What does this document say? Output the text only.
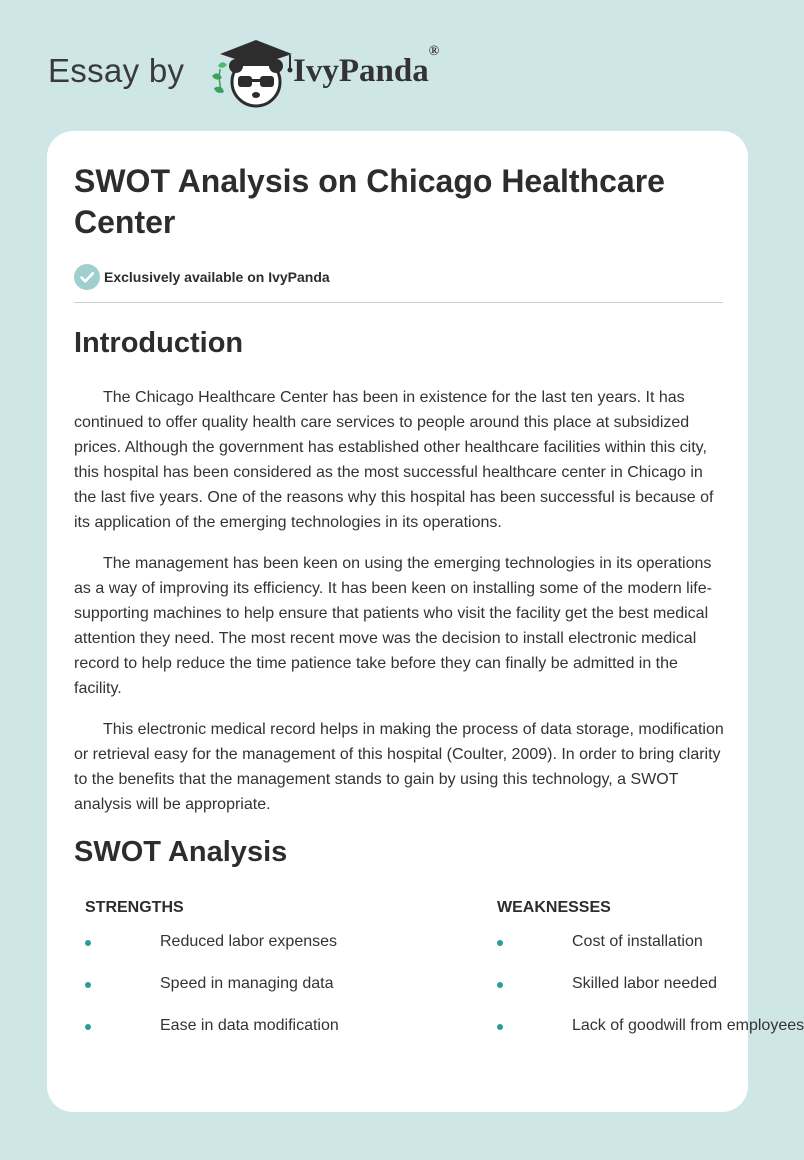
Essay by	IvyPanda®
SWOT Analysis on Chicago Healthcare Center
Exclusively available on IvyPanda
Introduction

The Chicago Healthcare Center has been in existence for the last ten years. It has continued to offer quality health care services to people around this place at subsidized prices. Although the government has established other healthcare facilities within this city, this hospital has been considered as the most successful healthcare center in Chicago in the last five years. One of the reasons why this hospital has been successful is because of its application of the emerging technologies in its operations.

The management has been keen on using the emerging technologies in its operations as a way of improving its efficiency. It has been keen on installing some of the modern life-supporting machines to help ensure that patients who visit the facility get the best medical attention they need. The most recent move was the decision to install electronic medical record to help reduce the time patience take before they can finally be admitted in the facility.

This electronic medical record helps in making the process of data storage, modification or retrieval easy for the management of this hospital (Coulter, 2009). In order to bring clarity to the benefits that the management stands to gain by using this technology, a SWOT analysis will be appropriate.

SWOT Analysis
STRENGTHS	WEAKNESSES
Reduced labor expenses
Speed in managing data
Ease in data modification
Cost of installation
Skilled labor needed
Lack of goodwill from employees
